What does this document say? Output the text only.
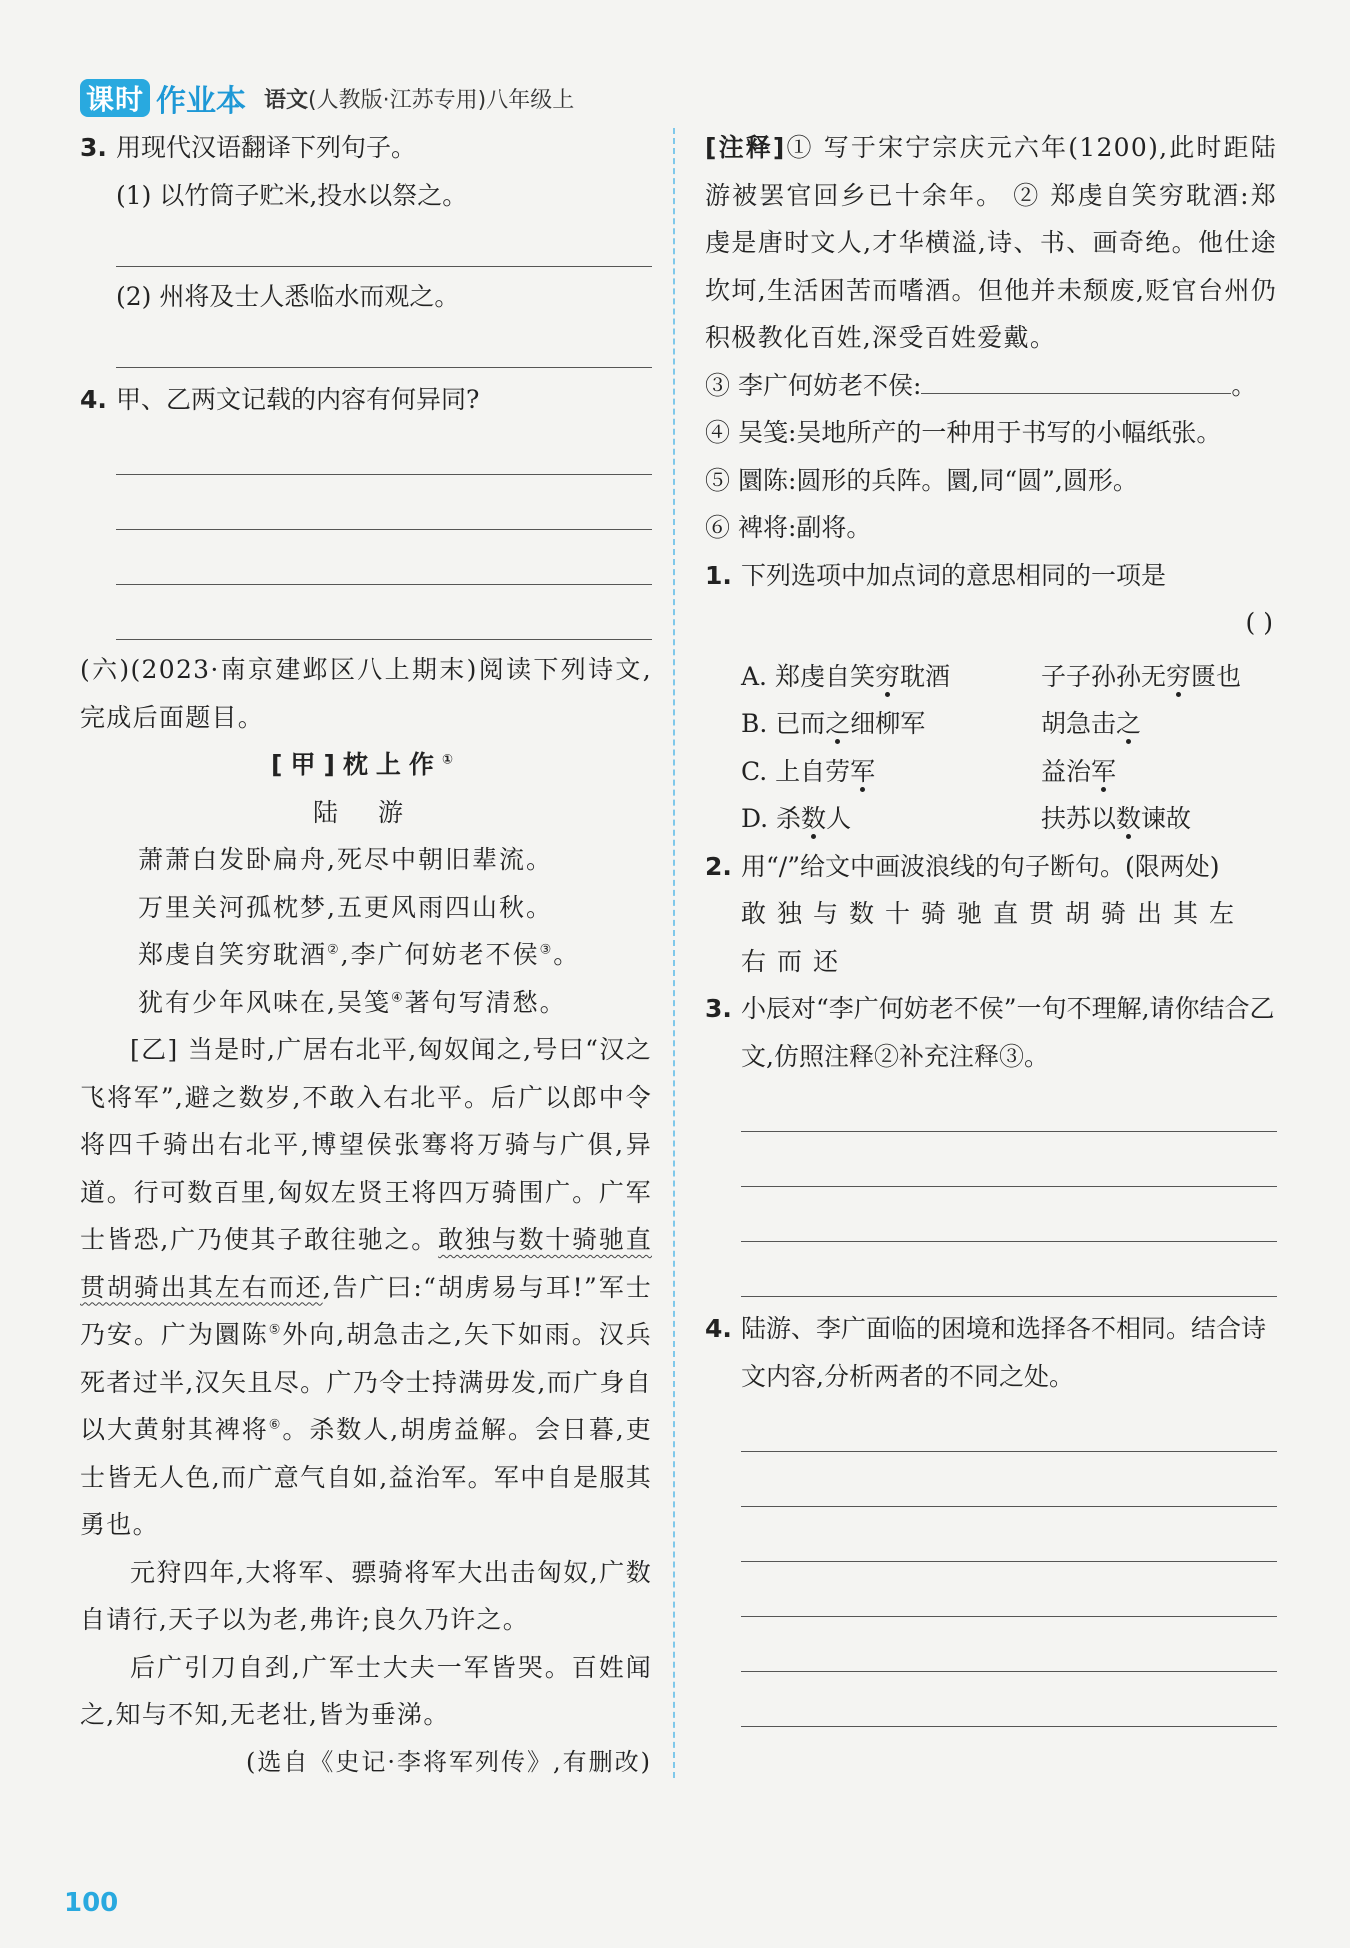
课时 作业本 语文(人教版·江苏专用)八年级上
3. 用现代汉语翻译下列句子。
(1) 以竹筒子贮米,投水以祭之。
(2) 州将及士人悉临水而观之。
4. 甲、乙两文记载的内容有何异同?
(六)(2023·南京建邺区八上期末)阅读下列诗文,完成后面题目。
[甲]枕上作①
陆 游
萧萧白发卧扁舟,死尽中朝旧辈流。
万里关河孤枕梦,五更风雨四山秋。
郑虔自笑穷耽酒②,李广何妨老不侯③。
犹有少年风味在,吴笺④著句写清愁。
[乙] 当是时,广居右北平,匈奴闻之,号曰“汉之飞将军”,避之数岁,不敢入右北平。后广以郎中令将四千骑出右北平,博望侯张骞将万骑与广俱,异道。行可数百里,匈奴左贤王将四万骑围广。广军士皆恐,广乃使其子敢往驰之。敢独与数十骑驰直贯胡骑出其左右而还,告广曰:“胡虏易与耳!”军士乃安。广为圜陈⑤外向,胡急击之,矢下如雨。汉兵死者过半,汉矢且尽。广乃令士持满毋发,而广身自以大黄射其裨将⑥。杀数人,胡虏益解。会日暮,吏士皆无人色,而广意气自如,益治军。军中自是服其勇也。
元狩四年,大将军、骠骑将军大出击匈奴,广数自请行,天子以为老,弗许;良久乃许之。
后广引刀自刭,广军士大夫一军皆哭。百姓闻之,知与不知,无老壮,皆为垂涕。
(选自《史记·李将军列传》,有删改)
[注释]① 写于宋宁宗庆元六年(1200),此时距陆游被罢官回乡已十余年。 ② 郑虔自笑穷耽酒:郑虔是唐时文人,才华横溢,诗、书、画奇绝。他仕途坎坷,生活困苦而嗜酒。但他并未颓废,贬官台州仍积极教化百姓,深受百姓爱戴。
③ 李广何妨老不侯:	。
④ 吴笺:吴地所产的一种用于书写的小幅纸张。
⑤ 圜陈:圆形的兵阵。圜,同“圆”,圆形。
⑥ 裨将:副将。
1. 下列选项中加点词的意思相同的一项是
( )
A. 郑虔自笑穷耽酒	子子孙孙无穷匮也
B. 已而之细柳军	胡急击之
C. 上自劳军	益治军
D. 杀数人	扶苏以数谏故
2. 用“/”给文中画波浪线的句子断句。(限两处)
敢独与数十骑驰直贯胡骑出其左右而还
3. 小辰对“李广何妨老不侯”一句不理解,请你结合乙文,仿照注释②补充注释③。
4. 陆游、李广面临的困境和选择各不相同。结合诗文内容,分析两者的不同之处。
100
